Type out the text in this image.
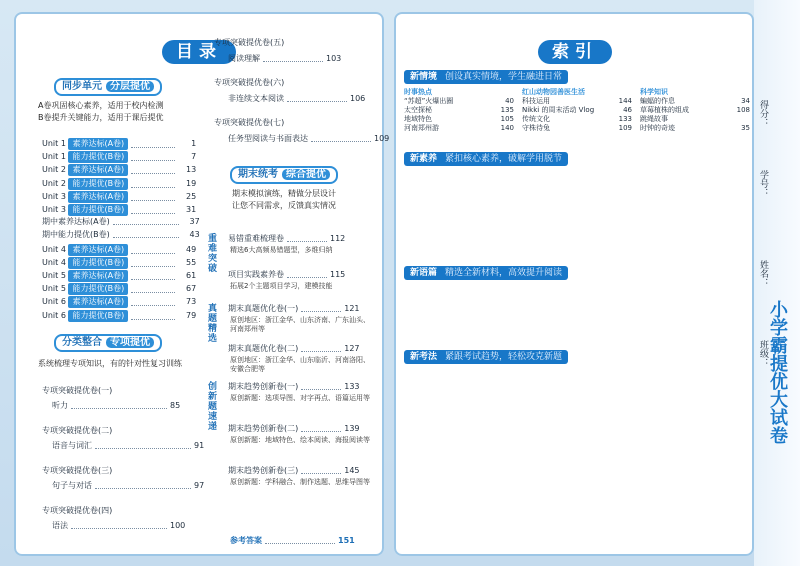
目录
同步单元 分层提优
A卷巩固核心素养，适用于校内检测
B卷提升关键能力，适用于课后提优
Unit 1 素养达标(A卷)	1
Unit 1 能力提优(B卷)	7
Unit 2 素养达标(A卷)	13
Unit 2 能力提优(B卷)	19
Unit 3 素养达标(A卷)	25
Unit 3 能力提优(B卷)	31
期中素养达标(A卷)	37
期中能力提优(B卷)	43
Unit 4 素养达标(A卷)	49
Unit 4 能力提优(B卷)	55
Unit 5 素养达标(A卷)	61
Unit 5 能力提优(B卷)	67
Unit 6 素养达标(A卷)	73
Unit 6 能力提优(B卷)	79
分类整合 专项提优
系统梳理专项知识，有的针对性复习训练
专项突破提优卷(一)
听力	85
专项突破提优卷(二)
语音与词汇	91
专项突破提优卷(三)
句子与对话	97
专项突破提优卷(四)
语法	100
专项突破提优卷(五)
阅读理解	103
专项突破提优卷(六)
非连续文本阅读	106
专项突破提优卷(七)
任务型阅读与书面表达	109
期末统考 综合提优
期末模拟演练，精做分层设计
让您不同需求，反馈真实情况
重难突破
易错重难梳理卷	112
精选6大高频易错题型，多维归纳
项目实践素养卷	115
拓展2个主题项目学习，建模技能
真题精选
期末真题优化卷(一)	121
原创地区：浙江金华、山东济南、广东汕头、河南郑州等
期末真题优化卷(二)	127
原创地区：浙江金华、山东临沂、河南洛阳、安徽合肥等
创新题速递
期末趋势创新卷(一)	133
原创新题：选项导图、对字再点、语篇运用等
期末趋势创新卷(二)	139
原创新题：地域特色、绘本阅读、海报阅读等
期末趋势创新卷(三)	145
原创新题：学科融合、制作选题、思维导图等
参考答案	151
索引
新情境 创设真实情境，学生融进日常
新素养 紧扣核心素养，破解学用脱节
新语篇 精选全新材料，高效提升阅读
新考法 紧跟考试趋势，轻松攻克新题
时事热点
“苏超”火爆出圈	40
太空探秘	135
地域特色	105
河南郑州游	140
红山动物园善医生活
科技运用	144
Nikki 的周末活动 Vlog	46
传统文化	133
守株待兔	109
科学知识
蝙蝠的作息	34
草莓植株的组成	108
跳绳故事
时钟的奇迹	35
小学霸提优大试卷
得分：
学号：
姓名：
班级：
